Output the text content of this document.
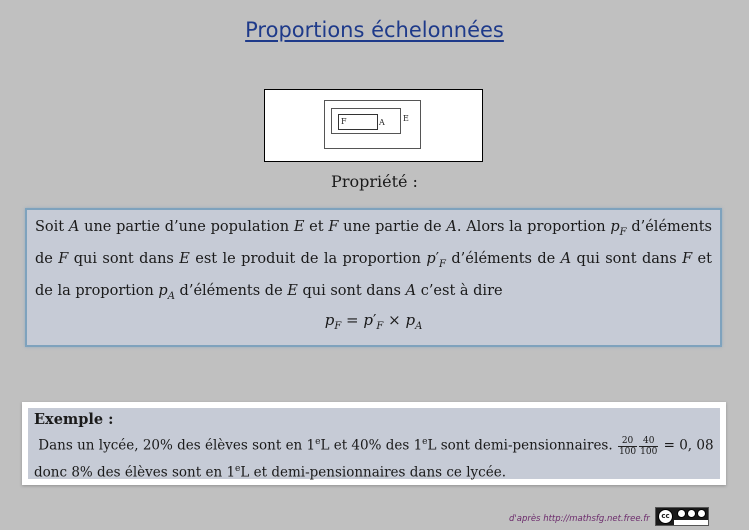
Proportions échelonnées
F	A E
Propriété :

Soit A une partie d’une population E et F une partie de A. Alors la proportion $p_F$ d’éléments de F qui sont dans E est le produit de la proportion $p'_F$ d’éléments de A qui sont dans F et de la proportion $p_A$ d’éléments de E qui sont dans A c’est à dire

$p_F = p'_F \times p_A$

Exemple :

Dans un lycée, 20% des élèves sont en 1eL et 40% des 1eL sont demi-pensionnaires. $\frac{20}{100} \frac{40}{100} = 0$, 08 donc 8% des élèves sont en 1eL et demi-pensionnaires dans ce lycée.

d'après http://mathsfg.net.free.fr	cc
